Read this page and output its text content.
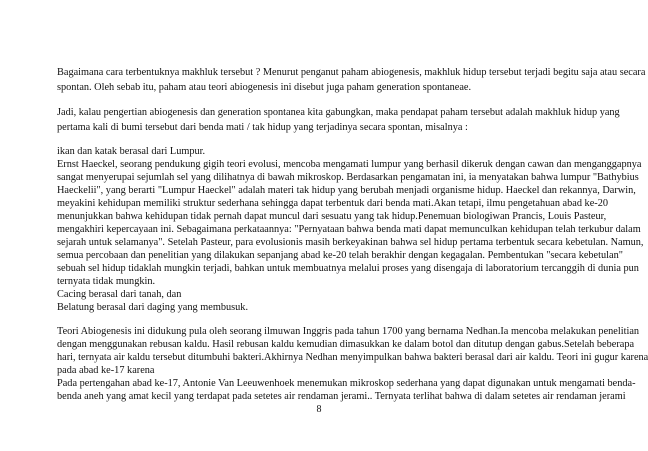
Bagaimana cara terbentuknya makhluk tersebut ? Menurut penganut paham abiogenesis, makhluk hidup tersebut terjadi begitu saja atau secara
spontan. Oleh sebab itu, paham atau teori abiogenesis ini disebut juga paham generation spontaneae.
Jadi, kalau pengertian abiogenesis dan generation spontanea kita gabungkan, maka pendapat paham tersebut adalah makhluk hidup yang
pertama kali di bumi tersebut dari benda mati / tak hidup yang terjadinya secara spontan, misalnya :
ikan dan katak berasal dari Lumpur.
Ernst Haeckel, seorang pendukung gigih teori evolusi, mencoba mengamati lumpur yang berhasil dikeruk dengan cawan dan menganggapnya
sangat menyerupai sejumlah sel yang dilihatnya di bawah mikroskop. Berdasarkan pengamatan ini, ia menyatakan bahwa lumpur "Bathybius
Haeckelii", yang berarti "Lumpur Haeckel" adalah materi tak hidup yang berubah menjadi organisme hidup. Haeckel dan rekannya, Darwin,
meyakini kehidupan memiliki struktur sederhana sehingga dapat terbentuk dari benda mati.Akan tetapi, ilmu pengetahuan abad ke-20
menunjukkan bahwa kehidupan tidak pernah dapat muncul dari sesuatu yang tak hidup.Penemuan biologiwan Prancis, Louis Pasteur,
mengakhiri kepercayaan ini. Sebagaimana perkataannya: "Pernyataan bahwa benda mati dapat memunculkan kehidupan telah terkubur dalam
sejarah untuk selamanya". Setelah Pasteur, para evolusionis masih berkeyakinan bahwa sel hidup pertama terbentuk secara kebetulan. Namun,
semua percobaan dan penelitian yang dilakukan sepanjang abad ke-20 telah berakhir dengan kegagalan. Pembentukan "secara kebetulan"
sebuah sel hidup tidaklah mungkin terjadi, bahkan untuk membuatnya melalui proses yang disengaja di laboratorium tercanggih di dunia pun
ternyata tidak mungkin.
Cacing berasal dari tanah, dan
Belatung berasal dari daging yang membusuk.
Teori Abiogenesis ini didukung pula oleh seorang ilmuwan Inggris pada tahun 1700 yang bernama Nedhan.Ia mencoba melakukan penelitian
dengan menggunakan rebusan kaldu. Hasil rebusan kaldu kemudian dimasukkan ke dalam botol dan ditutup dengan gabus.Setelah beberapa
hari, ternyata air kaldu tersebut ditumbuhi bakteri.Akhirnya Nedhan menyimpulkan bahwa bakteri berasal dari air kaldu. Teori ini gugur karena
pada abad ke-17 karena
Pada pertengahan abad ke-17, Antonie Van Leeuwenhoek menemukan mikroskop sederhana yang dapat digunakan untuk mengamati benda-
benda aneh yang amat kecil yang terdapat pada setetes air rendaman jerami.. Ternyata terlihat bahwa di dalam setetes air rendaman jerami
8
